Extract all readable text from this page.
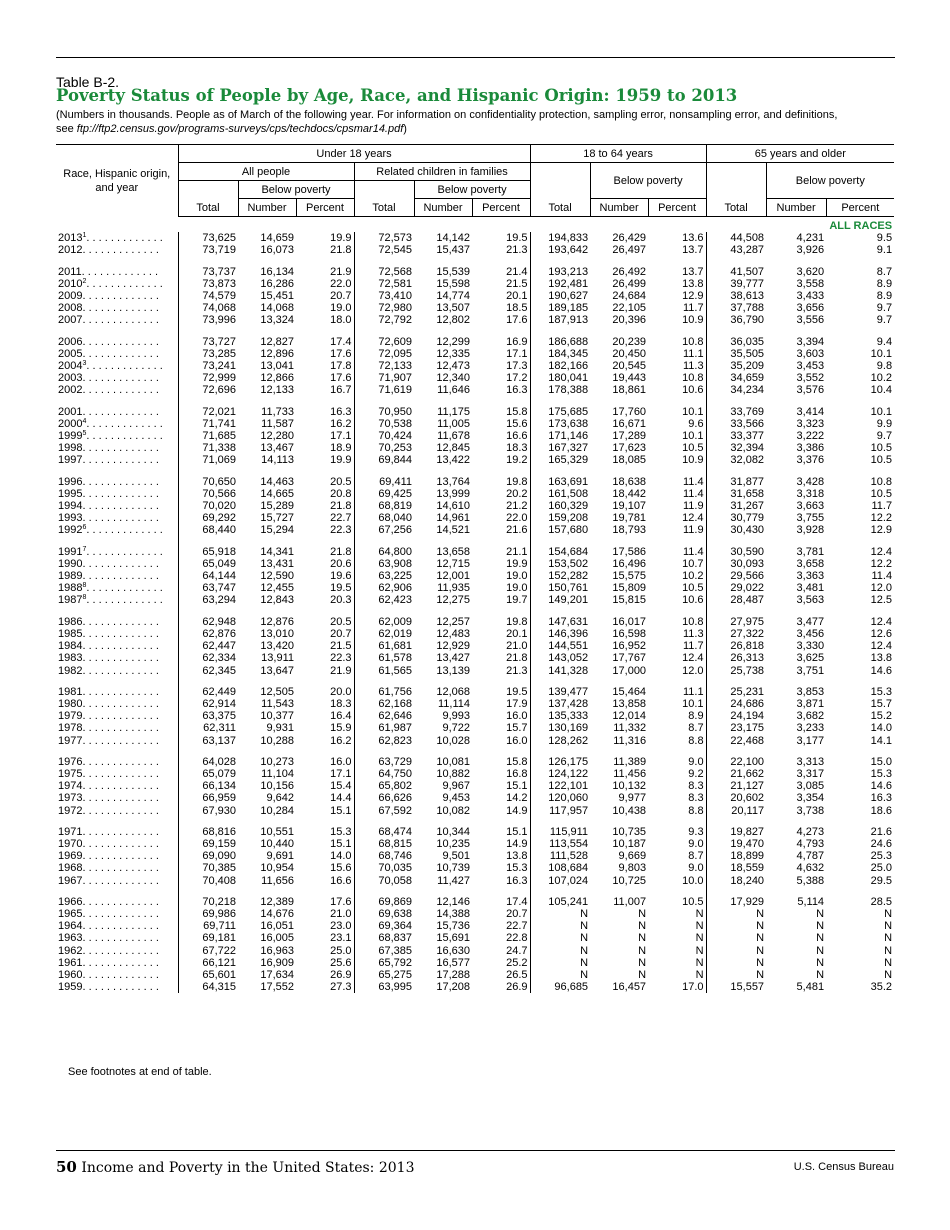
Table B-2.
Poverty Status of People by Age, Race, and Hispanic Origin: 1959 to 2013
(Numbers in thousands. People as of March of the following year. For information on confidentiality protection, sampling error, nonsampling error, and definitions,
see ftp://ftp2.census.gov/programs-surveys/cps/techdocs/cpsmar14.pdf)
Race, Hispanic origin, and year	Under 18 years						18 to 64 years			65 years and older		
	All people			Related children in families			Total	Below poverty		Total	Below poverty	
	Total	Below poverty		Total	Below poverty							
		Number	Percent		Number	Percent		Number	Percent		Number	Percent
ALL RACES												
2013$^1$. . . . . . . . . . . . .	73,625	14,659	19.9	72,573	14,142	19.5	194,833	26,429	13.6	44,508	4,231	9.5
2012. . . . . . . . . . . . .	73,719	16,073	21.8	72,545	15,437	21.3	193,642	26,497	13.7	43,287	3,926	9.1
2011. . . . . . . . . . . . .	73,737	16,134	21.9	72,568	15,539	21.4	193,213	26,492	13.7	41,507	3,620	8.7
2010$^2$. . . . . . . . . . . . .	73,873	16,286	22.0	72,581	15,598	21.5	192,481	26,499	13.8	39,777	3,558	8.9
2009. . . . . . . . . . . . .	74,579	15,451	20.7	73,410	14,774	20.1	190,627	24,684	12.9	38,613	3,433	8.9
2008. . . . . . . . . . . . .	74,068	14,068	19.0	72,980	13,507	18.5	189,185	22,105	11.7	37,788	3,656	9.7
2007. . . . . . . . . . . . .	73,996	13,324	18.0	72,792	12,802	17.6	187,913	20,396	10.9	36,790	3,556	9.7
2006. . . . . . . . . . . . .	73,727	12,827	17.4	72,609	12,299	16.9	186,688	20,239	10.8	36,035	3,394	9.4
2005. . . . . . . . . . . . .	73,285	12,896	17.6	72,095	12,335	17.1	184,345	20,450	11.1	35,505	3,603	10.1
2004$^3$. . . . . . . . . . . . .	73,241	13,041	17.8	72,133	12,473	17.3	182,166	20,545	11.3	35,209	3,453	9.8
2003. . . . . . . . . . . . .	72,999	12,866	17.6	71,907	12,340	17.2	180,041	19,443	10.8	34,659	3,552	10.2
2002. . . . . . . . . . . . .	72,696	12,133	16.7	71,619	11,646	16.3	178,388	18,861	10.6	34,234	3,576	10.4
2001. . . . . . . . . . . . .	72,021	11,733	16.3	70,950	11,175	15.8	175,685	17,760	10.1	33,769	3,414	10.1
2000$^4$. . . . . . . . . . . . .	71,741	11,587	16.2	70,538	11,005	15.6	173,638	16,671	9.6	33,566	3,323	9.9
1999$^5$. . . . . . . . . . . . .	71,685	12,280	17.1	70,424	11,678	16.6	171,146	17,289	10.1	33,377	3,222	9.7
1998. . . . . . . . . . . . .	71,338	13,467	18.9	70,253	12,845	18.3	167,327	17,623	10.5	32,394	3,386	10.5
1997. . . . . . . . . . . . .	71,069	14,113	19.9	69,844	13,422	19.2	165,329	18,085	10.9	32,082	3,376	10.5
1996. . . . . . . . . . . . .	70,650	14,463	20.5	69,411	13,764	19.8	163,691	18,638	11.4	31,877	3,428	10.8
1995. . . . . . . . . . . . .	70,566	14,665	20.8	69,425	13,999	20.2	161,508	18,442	11.4	31,658	3,318	10.5
1994. . . . . . . . . . . . .	70,020	15,289	21.8	68,819	14,610	21.2	160,329	19,107	11.9	31,267	3,663	11.7
1993. . . . . . . . . . . . .	69,292	15,727	22.7	68,040	14,961	22.0	159,208	19,781	12.4	30,779	3,755	12.2
1992$^6$. . . . . . . . . . . . .	68,440	15,294	22.3	67,256	14,521	21.6	157,680	18,793	11.9	30,430	3,928	12.9
1991$^7$. . . . . . . . . . . . .	65,918	14,341	21.8	64,800	13,658	21.1	154,684	17,586	11.4	30,590	3,781	12.4
1990. . . . . . . . . . . . .	65,049	13,431	20.6	63,908	12,715	19.9	153,502	16,496	10.7	30,093	3,658	12.2
1989. . . . . . . . . . . . .	64,144	12,590	19.6	63,225	12,001	19.0	152,282	15,575	10.2	29,566	3,363	11.4
1988$^8$. . . . . . . . . . . . .	63,747	12,455	19.5	62,906	11,935	19.0	150,761	15,809	10.5	29,022	3,481	12.0
1987$^8$. . . . . . . . . . . . .	63,294	12,843	20.3	62,423	12,275	19.7	149,201	15,815	10.6	28,487	3,563	12.5
1986. . . . . . . . . . . . .	62,948	12,876	20.5	62,009	12,257	19.8	147,631	16,017	10.8	27,975	3,477	12.4
1985. . . . . . . . . . . . .	62,876	13,010	20.7	62,019	12,483	20.1	146,396	16,598	11.3	27,322	3,456	12.6
1984. . . . . . . . . . . . .	62,447	13,420	21.5	61,681	12,929	21.0	144,551	16,952	11.7	26,818	3,330	12.4
1983. . . . . . . . . . . . .	62,334	13,911	22.3	61,578	13,427	21.8	143,052	17,767	12.4	26,313	3,625	13.8
1982. . . . . . . . . . . . .	62,345	13,647	21.9	61,565	13,139	21.3	141,328	17,000	12.0	25,738	3,751	14.6
1981. . . . . . . . . . . . .	62,449	12,505	20.0	61,756	12,068	19.5	139,477	15,464	11.1	25,231	3,853	15.3
1980. . . . . . . . . . . . .	62,914	11,543	18.3	62,168	11,114	17.9	137,428	13,858	10.1	24,686	3,871	15.7
1979. . . . . . . . . . . . .	63,375	10,377	16.4	62,646	9,993	16.0	135,333	12,014	8.9	24,194	3,682	15.2
1978. . . . . . . . . . . . .	62,311	9,931	15.9	61,987	9,722	15.7	130,169	11,332	8.7	23,175	3,233	14.0
1977. . . . . . . . . . . . .	63,137	10,288	16.2	62,823	10,028	16.0	128,262	11,316	8.8	22,468	3,177	14.1
1976. . . . . . . . . . . . .	64,028	10,273	16.0	63,729	10,081	15.8	126,175	11,389	9.0	22,100	3,313	15.0
1975. . . . . . . . . . . . .	65,079	11,104	17.1	64,750	10,882	16.8	124,122	11,456	9.2	21,662	3,317	15.3
1974. . . . . . . . . . . . .	66,134	10,156	15.4	65,802	9,967	15.1	122,101	10,132	8.3	21,127	3,085	14.6
1973. . . . . . . . . . . . .	66,959	9,642	14.4	66,626	9,453	14.2	120,060	9,977	8.3	20,602	3,354	16.3
1972. . . . . . . . . . . . .	67,930	10,284	15.1	67,592	10,082	14.9	117,957	10,438	8.8	20,117	3,738	18.6
1971. . . . . . . . . . . . .	68,816	10,551	15.3	68,474	10,344	15.1	115,911	10,735	9.3	19,827	4,273	21.6
1970. . . . . . . . . . . . .	69,159	10,440	15.1	68,815	10,235	14.9	113,554	10,187	9.0	19,470	4,793	24.6
1969. . . . . . . . . . . . .	69,090	9,691	14.0	68,746	9,501	13.8	111,528	9,669	8.7	18,899	4,787	25.3
1968. . . . . . . . . . . . .	70,385	10,954	15.6	70,035	10,739	15.3	108,684	9,803	9.0	18,559	4,632	25.0
1967. . . . . . . . . . . . .	70,408	11,656	16.6	70,058	11,427	16.3	107,024	10,725	10.0	18,240	5,388	29.5
1966. . . . . . . . . . . . .	70,218	12,389	17.6	69,869	12,146	17.4	105,241	11,007	10.5	17,929	5,114	28.5
1965. . . . . . . . . . . . .	69,986	14,676	21.0	69,638	14,388	20.7	N	N	N	N	N	N
1964. . . . . . . . . . . . .	69,711	16,051	23.0	69,364	15,736	22.7	N	N	N	N	N	N
1963. . . . . . . . . . . . .	69,181	16,005	23.1	68,837	15,691	22.8	N	N	N	N	N	N
1962. . . . . . . . . . . . .	67,722	16,963	25.0	67,385	16,630	24.7	N	N	N	N	N	N
1961. . . . . . . . . . . . .	66,121	16,909	25.6	65,792	16,577	25.2	N	N	N	N	N	N
1960. . . . . . . . . . . . .	65,601	17,634	26.9	65,275	17,288	26.5	N	N	N	N	N	N
1959. . . . . . . . . . . . .	64,315	17,552	27.3	63,995	17,208	26.9	96,685	16,457	17.0	15,557	5,481	35.2
See footnotes at end of table.
50 Income and Poverty in the United States: 2013	U.S. Census Bureau
